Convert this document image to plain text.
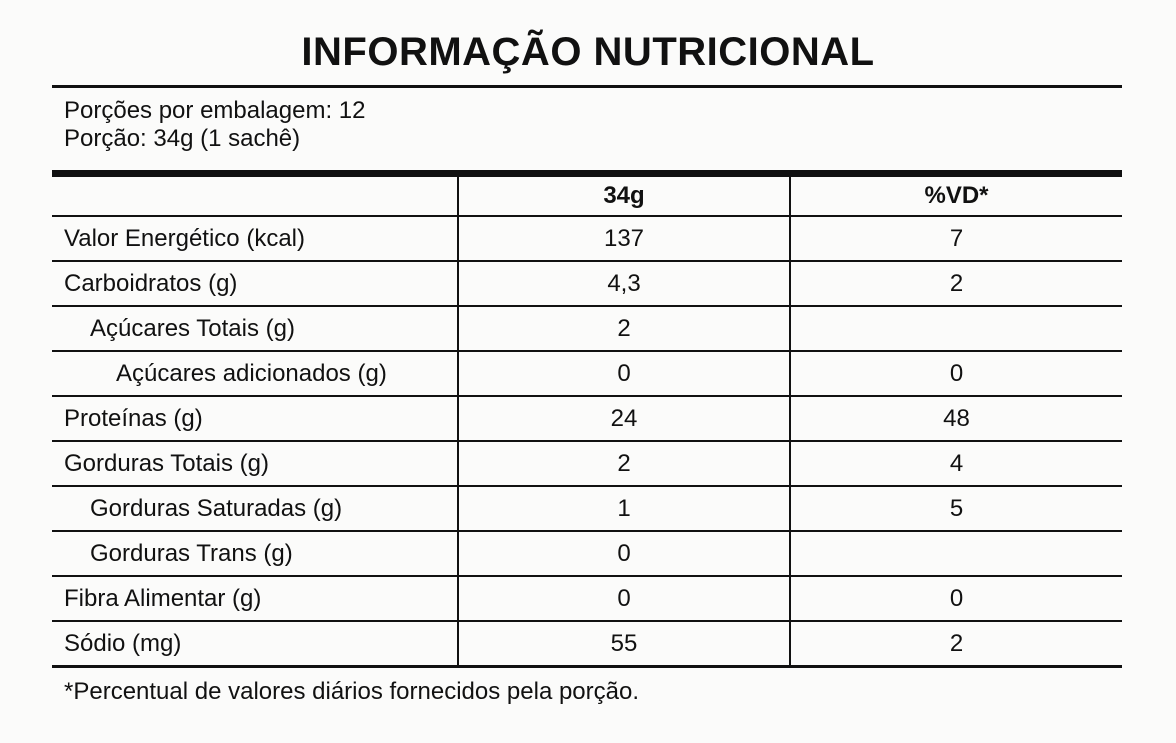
INFORMAÇÃO NUTRICIONAL
Porções por embalagem: 12
Porção: 34g (1 sachê)
	34g	%VD*
Valor Energético (kcal)	137	7
Carboidratos (g)	4,3	2
Açúcares Totais (g)	2	
Açúcares adicionados (g)	0	0
Proteínas (g)	24	48
Gorduras Totais (g)	2	4
Gorduras Saturadas (g)	1	5
Gorduras Trans (g)	0	
Fibra Alimentar (g)	0	0
Sódio (mg)	55	2
*Percentual de valores diários fornecidos pela porção.
